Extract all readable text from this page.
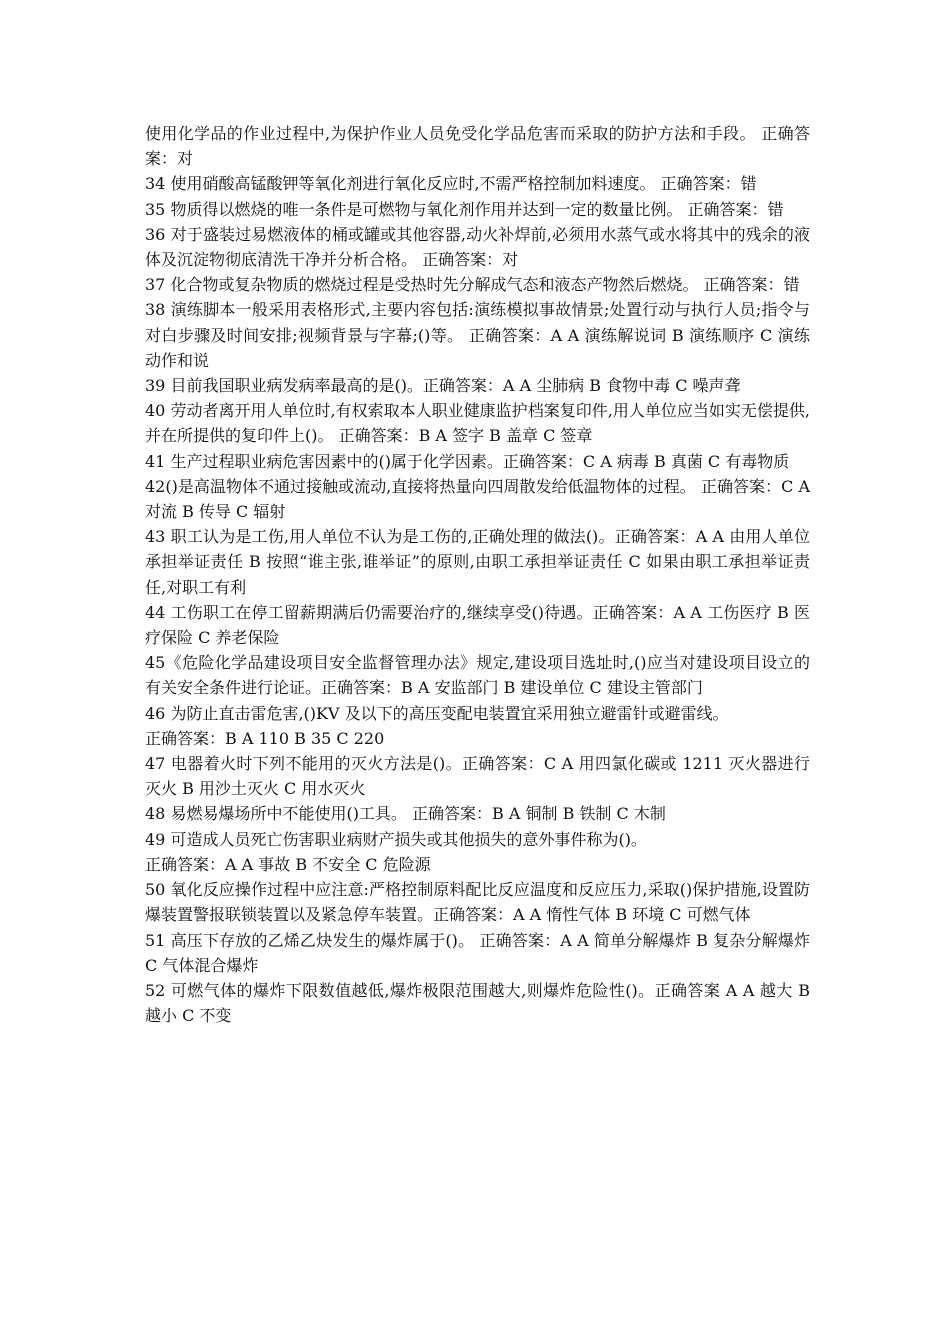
使用化学品的作业过程中,为保护作业人员免受化学品危害而采取的防护方法和手段。 正确答案：对

34 使用硝酸高锰酸钾等氧化剂进行氧化反应时,不需严格控制加料速度。 正确答案：错

35 物质得以燃烧的唯一条件是可燃物与氧化剂作用并达到一定的数量比例。 正确答案：错

36 对于盛装过易燃液体的桶或罐或其他容器,动火补焊前,必须用水蒸气或水将其中的残余的液体及沉淀物彻底清洗干净并分析合格。 正确答案：对

37 化合物或复杂物质的燃烧过程是受热时先分解成气态和液态产物然后燃烧。 正确答案：错

38 演练脚本一般采用表格形式,主要内容包括:演练模拟事故情景;处置行动与执行人员;指令与对白步骤及时间安排;视频背景与字幕;()等。 正确答案：A A 演练解说词 B 演练顺序 C 演练动作和说

39 目前我国职业病发病率最高的是()。正确答案：A A 尘肺病 B 食物中毒 C 噪声聋

40 劳动者离开用人单位时,有权索取本人职业健康监护档案复印件,用人单位应当如实无偿提供,并在所提供的复印件上()。 正确答案：B A 签字 B 盖章 C 签章

41 生产过程职业病危害因素中的()属于化学因素。正确答案：C A 病毒 B 真菌 C 有毒物质

42()是高温物体不通过接触或流动,直接将热量向四周散发给低温物体的过程。 正确答案：C A 对流 B 传导 C 辐射

43 职工认为是工伤,用人单位不认为是工伤的,正确处理的做法()。正确答案：A A 由用人单位承担举证责任 B 按照“谁主张,谁举证”的原则,由职工承担举证责任 C 如果由职工承担举证责任,对职工有利

44 工伤职工在停工留薪期满后仍需要治疗的,继续享受()待遇。正确答案：A A 工伤医疗 B 医疗保险 C 养老保险

45《危险化学品建设项目安全监督管理办法》规定,建设项目选址时,()应当对建设项目设立的有关安全条件进行论证。正确答案：B A 安监部门 B 建设单位 C 建设主管部门

46 为防止直击雷危害,()KV 及以下的高压变配电装置宜采用独立避雷针或避雷线。

正确答案：B A 110 B 35 C 220

47 电器着火时下列不能用的灭火方法是()。正确答案：C A 用四氯化碳或 1211 灭火器进行灭火 B 用沙土灭火 C 用水灭火

48 易燃易爆场所中不能使用()工具。 正确答案：B A 铜制 B 铁制 C 木制

49 可造成人员死亡伤害职业病财产损失或其他损失的意外事件称为()。

正确答案：A A 事故 B 不安全 C 危险源

50 氧化反应操作过程中应注意:严格控制原料配比反应温度和反应压力,采取()保护措施,设置防爆装置警报联锁装置以及紧急停车装置。正确答案：A A 惰性气体 B 环境 C 可燃气体

51 高压下存放的乙烯乙炔发生的爆炸属于()。 正确答案：A A 简单分解爆炸 B 复杂分解爆炸 C 气体混合爆炸

52 可燃气体的爆炸下限数值越低,爆炸极限范围越大,则爆炸危险性()。正确答案 A A 越大 B 越小 C 不变
